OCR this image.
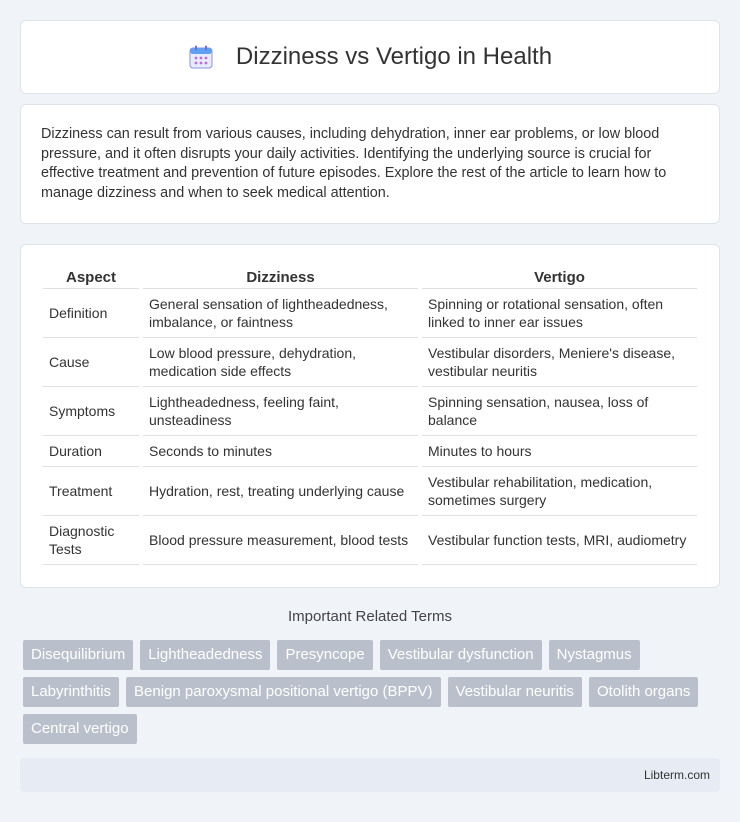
Dizziness vs Vertigo in Health

Dizziness can result from various causes, including dehydration, inner ear problems, or low blood pressure, and it often disrupts your daily activities. Identifying the underlying source is crucial for effective treatment and prevention of future episodes. Explore the rest of the article to learn how to manage dizziness and when to seek medical attention.

Aspect	Dizziness	Vertigo
Definition	General sensation of lightheadedness, imbalance, or faintness	Spinning or rotational sensation, often linked to inner ear issues
Cause	Low blood pressure, dehydration, medication side effects	Vestibular disorders, Meniere's disease, vestibular neuritis
Symptoms	Lightheadedness, feeling faint, unsteadiness	Spinning sensation, nausea, loss of balance
Duration	Seconds to minutes	Minutes to hours
Treatment	Hydration, rest, treating underlying cause	Vestibular rehabilitation, medication, sometimes surgery
Diagnostic Tests	Blood pressure measurement, blood tests	Vestibular function tests, MRI, audiometry
Important Related Terms
Disequilibrium	Lightheadedness	Presyncope	Vestibular dysfunction	Nystagmus
Labyrinthitis	Benign paroxysmal positional vertigo (BPPV)	Vestibular neuritis	Otolith organs
Central vertigo
Libterm.com
